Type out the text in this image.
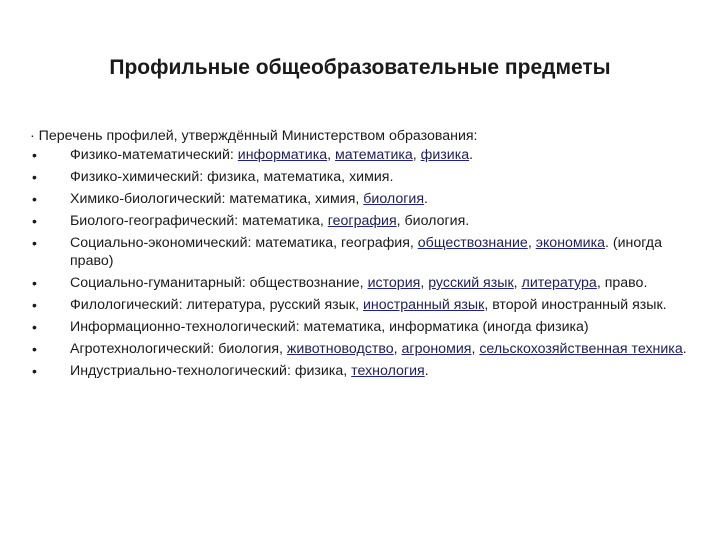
Профильные общеобразовательные предметы
· Перечень профилей, утверждённый Министерством образования:
• Физико-математический: информатика, математика, физика.
• Физико-химический: физика, математика, химия.
• Химико-биологический: математика, химия, биология.
• Биолого-географический: математика, география, биология.
• Социально-экономический: математика, география, обществознание, экономика. (иногда право)
• Социально-гуманитарный: обществознание, история, русский язык, литература, право.
• Филологический: литература, русский язык, иностранный язык, второй иностранный язык.
• Информационно-технологический: математика, информатика (иногда физика)
• Агротехнологический: биология, животноводство, агрономия, сельскохозяйственная техника.
• Индустриально-технологический: физика, технология.
